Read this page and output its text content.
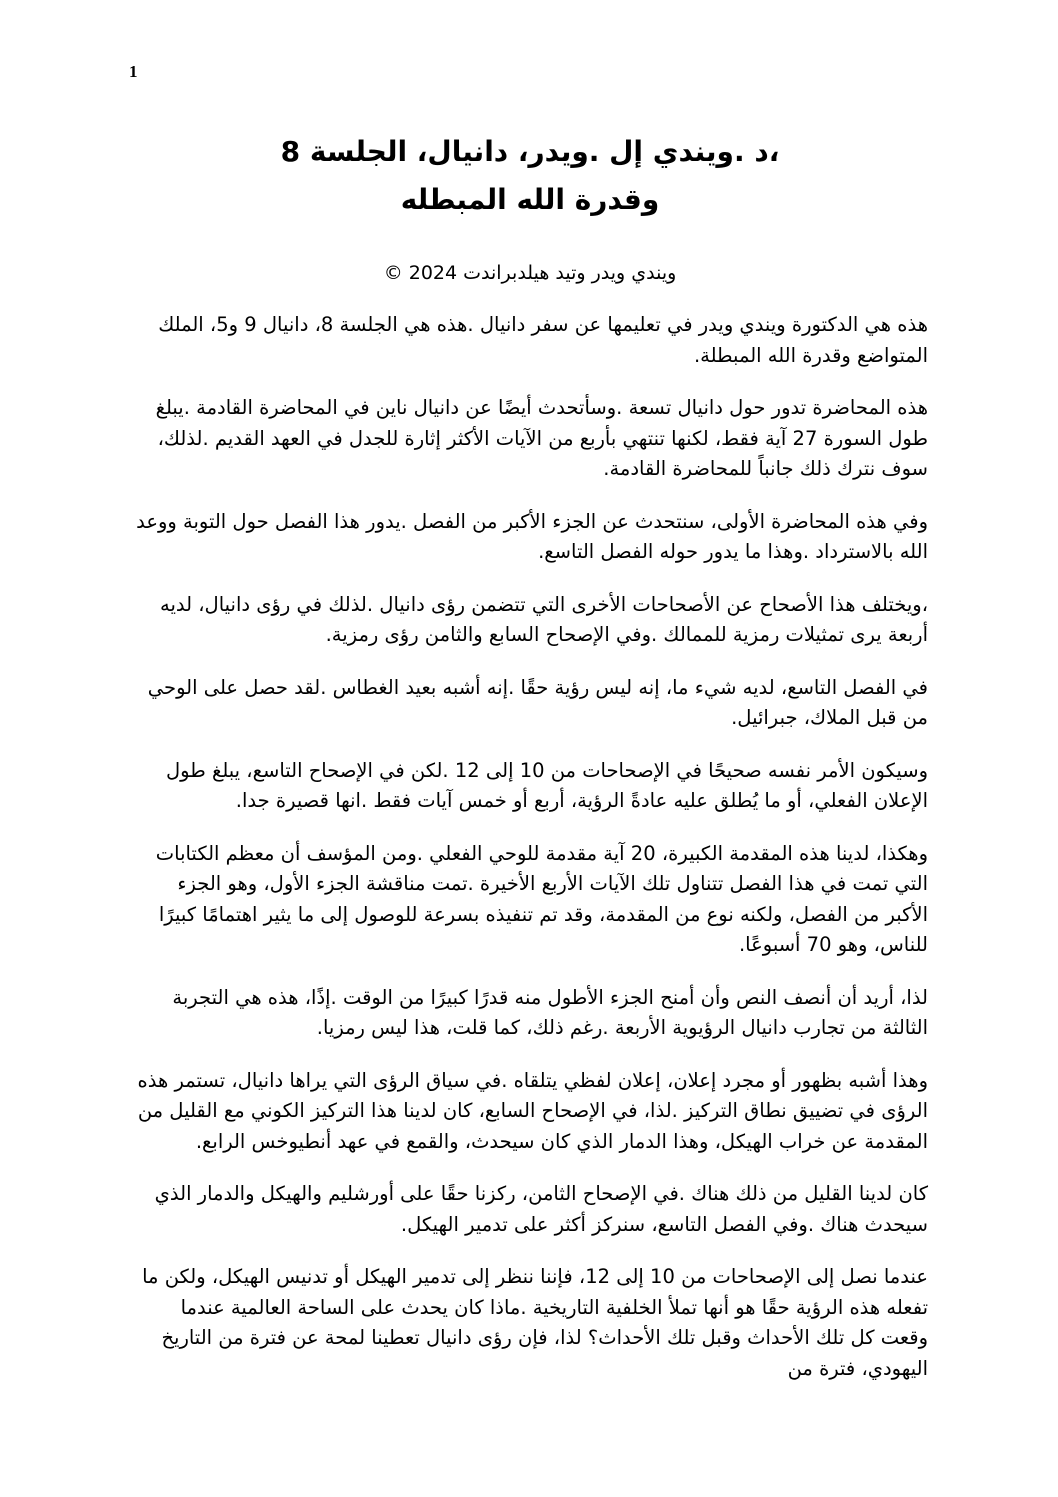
1

،د .ويندي إل .ويدر، دانيال، الجلسة 8

وقدرة الله المبطله

ويندي ويدر وتيد هيلدبراندت 2024 ©

هذه هي الدكتورة ويندي ويدر في تعليمها عن سفر دانيال .هذه هي الجلسة 8، دانيال 9 و5، الملك المتواضع وقدرة الله المبطلة.

هذه المحاضرة تدور حول دانيال تسعة .وسأتحدث أيضًا عن دانيال ناين في المحاضرة القادمة .يبلغ طول السورة 27 آية فقط، لكنها تنتهي بأربع من الآيات الأكثر إثارة للجدل في العهد القديم .لذلك، سوف نترك ذلك جانباً للمحاضرة القادمة.

وفي هذه المحاضرة الأولى، سنتحدث عن الجزء الأكبر من الفصل .يدور هذا الفصل حول التوبة ووعد الله بالاسترداد .وهذا ما يدور حوله الفصل التاسع.

،ويختلف هذا الأصحاح عن الأصحاحات الأخرى التي تتضمن رؤى دانيال .لذلك في رؤى دانيال، لديه أربعة يرى تمثيلات رمزية للممالك .وفي الإصحاح السابع والثامن رؤى رمزية.

في الفصل التاسع، لديه شيء ما، إنه ليس رؤية حقًا .إنه أشبه بعيد الغطاس .لقد حصل على الوحي من قبل الملاك، جبرائيل.

وسيكون الأمر نفسه صحيحًا في الإصحاحات من 10 إلى 12 .لكن في الإصحاح التاسع، يبلغ طول الإعلان الفعلي، أو ما يُطلق عليه عادةً الرؤية، أربع أو خمس آيات فقط .انها قصيرة جدا.

وهكذا، لدينا هذه المقدمة الكبيرة، 20 آية مقدمة للوحي الفعلي .ومن المؤسف أن معظم الكتابات التي تمت في هذا الفصل تتناول تلك الآيات الأربع الأخيرة .تمت مناقشة الجزء الأول، وهو الجزء الأكبر من الفصل، ولكنه نوع من المقدمة، وقد تم تنفيذه بسرعة للوصول إلى ما يثير اهتمامًا كبيرًا للناس، وهو 70 أسبوعًا.

لذا، أريد أن أنصف النص وأن أمنح الجزء الأطول منه قدرًا كبيرًا من الوقت .إذًا، هذه هي التجربة الثالثة من تجارب دانيال الرؤيوية الأربعة .رغم ذلك، كما قلت، هذا ليس رمزيا.

وهذا أشبه بظهور أو مجرد إعلان، إعلان لفظي يتلقاه .في سياق الرؤى التي يراها دانيال، تستمر هذه الرؤى في تضييق نطاق التركيز .لذا، في الإصحاح السابع، كان لدينا هذا التركيز الكوني مع القليل من المقدمة عن خراب الهيكل، وهذا الدمار الذي كان سيحدث، والقمع في عهد أنطيوخس الرابع.

كان لدينا القليل من ذلك هناك .في الإصحاح الثامن، ركزنا حقًا على أورشليم والهيكل والدمار الذي سيحدث هناك .وفي الفصل التاسع، سنركز أكثر على تدمير الهيكل.

عندما نصل إلى الإصحاحات من 10 إلى 12، فإننا ننظر إلى تدمير الهيكل أو تدنيس الهيكل، ولكن ما تفعله هذه الرؤية حقًا هو أنها تملأ الخلفية التاريخية .ماذا كان يحدث على الساحة العالمية عندما وقعت كل تلك الأحداث وقبل تلك الأحداث؟ لذا، فإن رؤى دانيال تعطينا لمحة عن فترة من التاريخ اليهودي، فترة من
